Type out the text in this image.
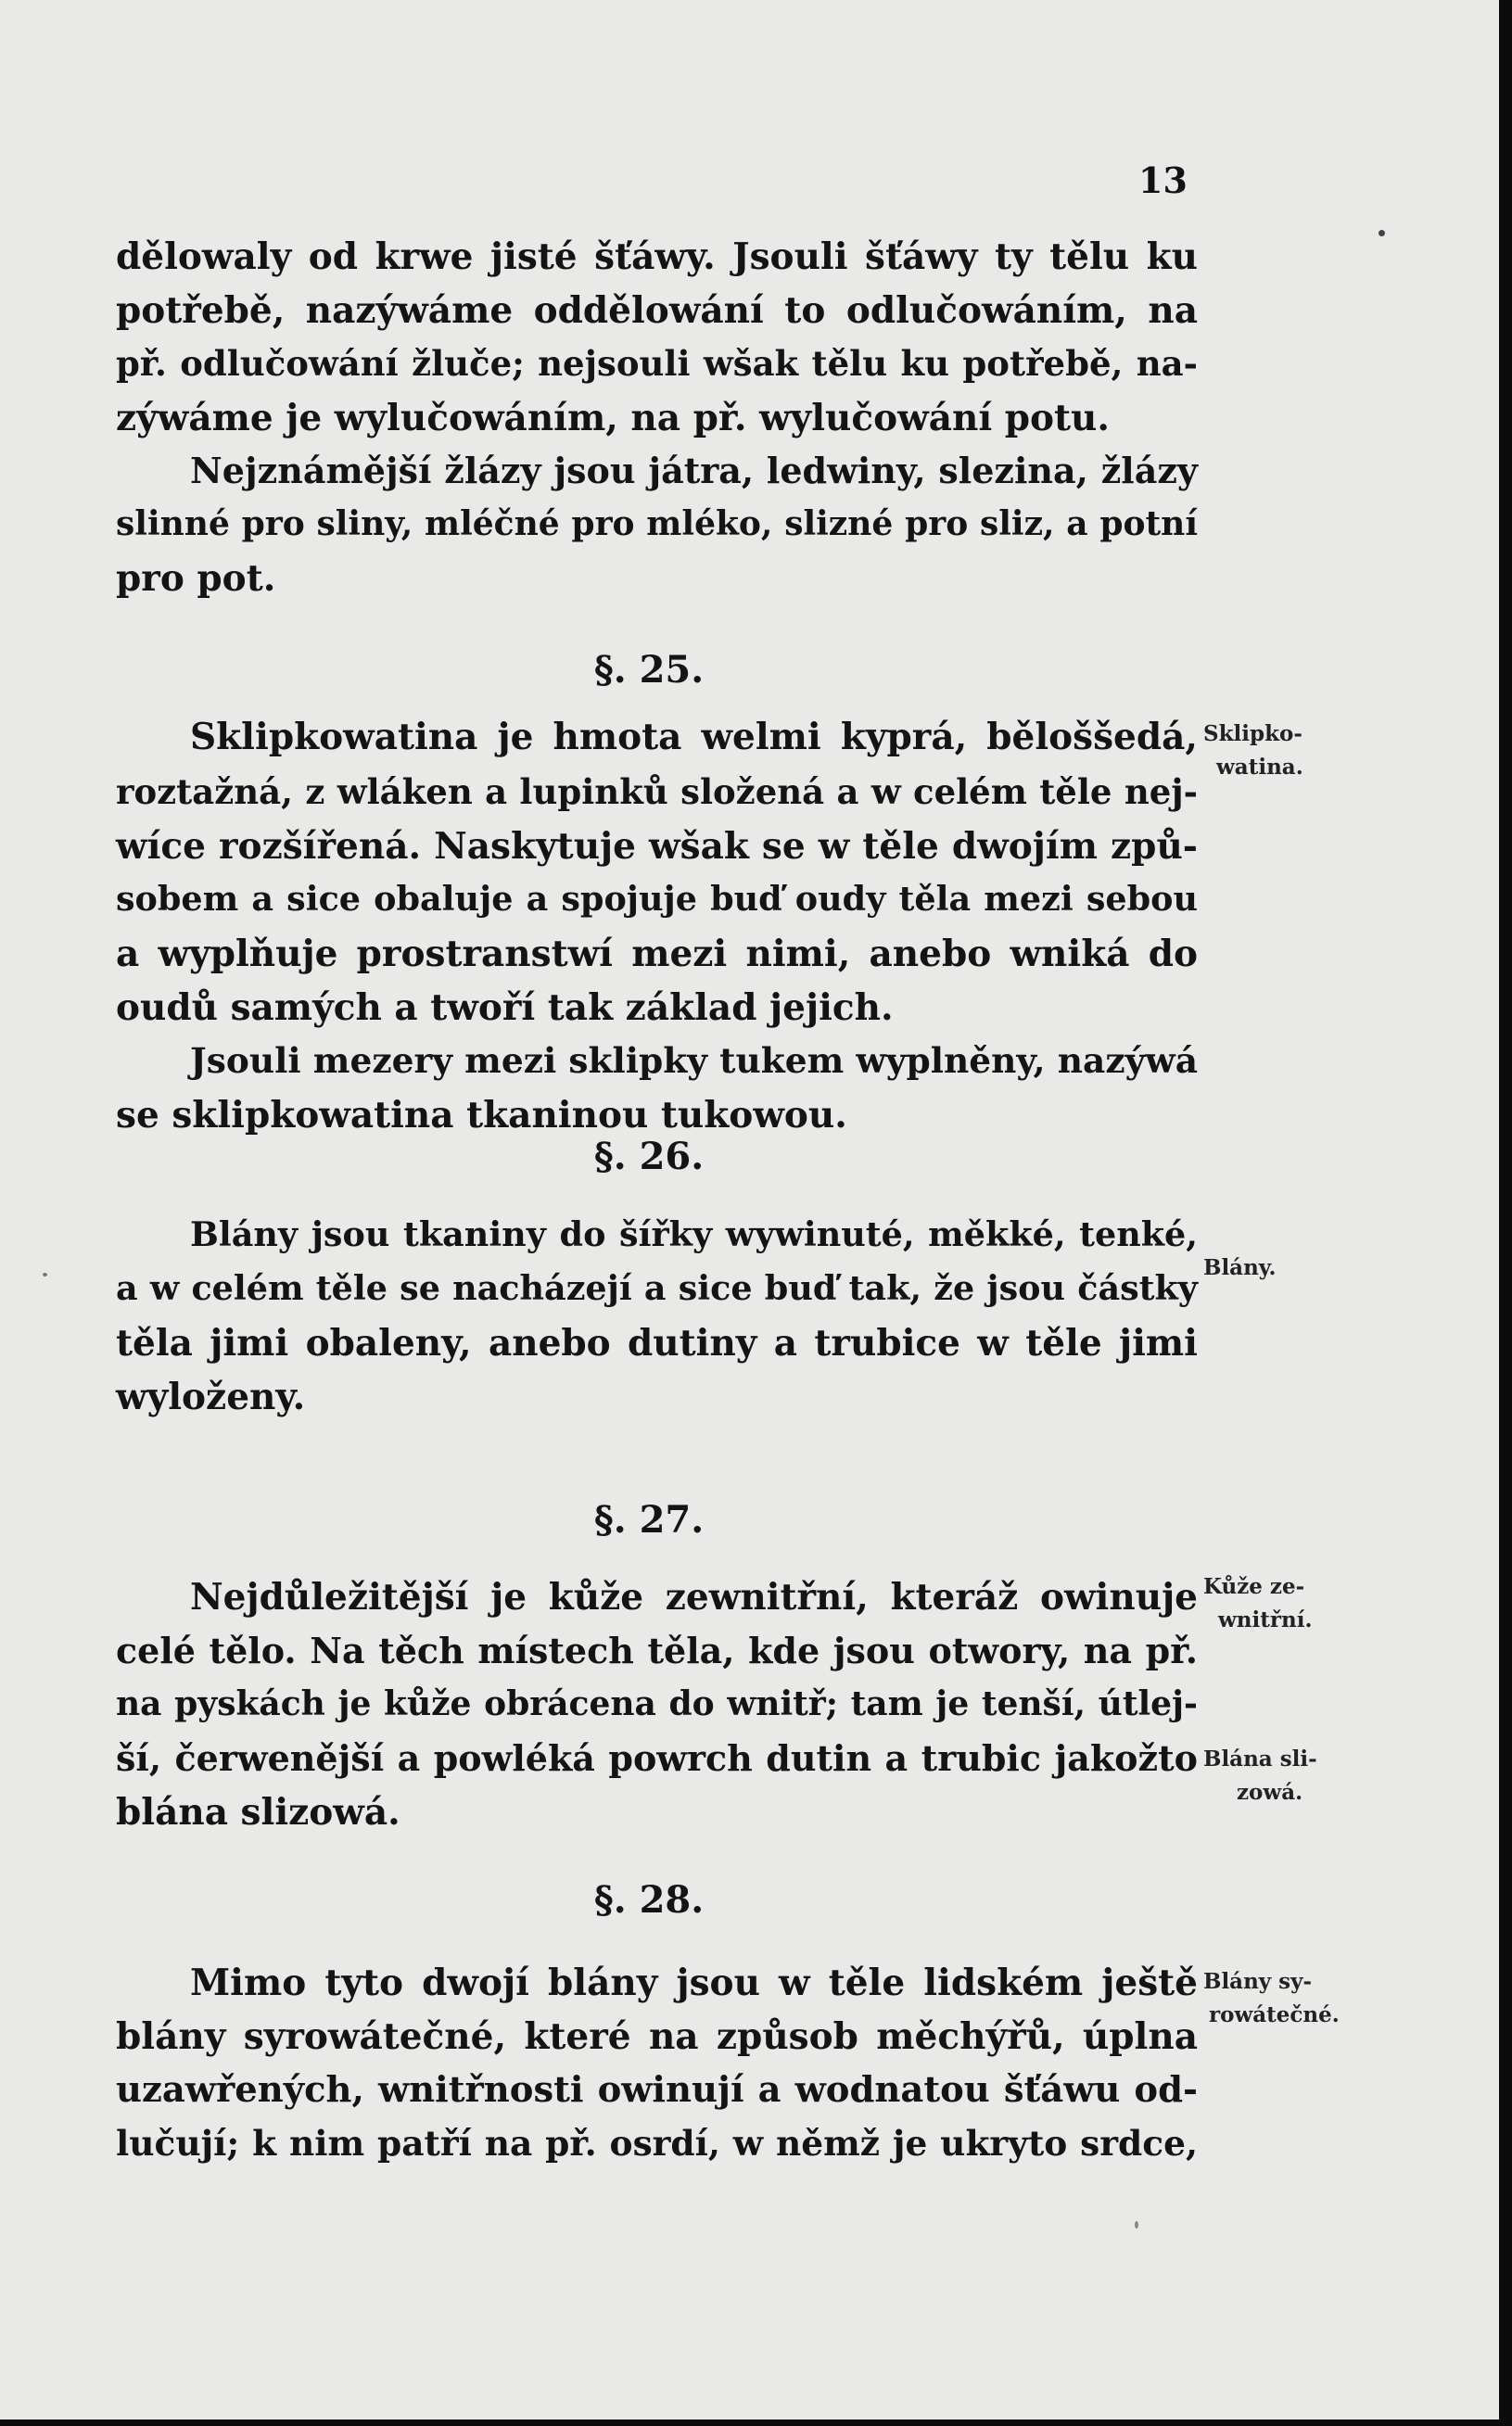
13
dělowaly od krwe jisté šťáwy. Jsouli šťáwy ty tělu ku
potřebě, nazýwáme oddělowání to odlučowáním, na
př. odlučowání žluče; nejsouli wšak tělu ku potřebě, na-
zýwáme je wylučowáním, na př. wylučowání potu.
Nejznámější žlázy jsou játra, ledwiny, slezina, žlázy
slinné pro sliny, mléčné pro mléko, slizné pro sliz, a potní
pro pot.
§. 25.
Sklipkowatina je hmota welmi kyprá, běloššedá,
roztažná, z wláken a lupinků složená a w celém těle nej-
wíce rozšířená. Naskytuje wšak se w těle dwojím způ-
sobem a sice obaluje a spojuje buď oudy těla mezi sebou
a wyplňuje prostranstwí mezi nimi, anebo wniká do
oudů samých a twoří tak základ jejich.
Jsouli mezery mezi sklipky tukem wyplněny, nazýwá
se sklipkowatina tkaninou tukowou.
Sklipko-
watina.
§. 26.
Blány jsou tkaniny do šířky wywinuté, měkké, tenké,
a w celém těle se nacházejí a sice buď tak, že jsou částky
těla jimi obaleny, anebo dutiny a trubice w těle jimi
wyloženy.
Blány.
§. 27.
Nejdůležitější je kůže zewnitřní, kteráž owinuje
celé tělo. Na těch místech těla, kde jsou otwory, na př.
na pyskách je kůže obrácena do wnitř; tam je tenší, útlej-
ší, čerwenější a powléká powrch dutin a trubic jakožto
blána slizowá.
Kůže ze-
wnitřní.
Blána sli-
zowá.
§. 28.
Mimo tyto dwojí blány jsou w těle lidském ještě
blány syrowátečné, které na způsob měchýřů, úplna
uzawřených, wnitřnosti owinují a wodnatou šťáwu od-
lučují; k nim patří na př. osrdí, w němž je ukryto srdce,
Blány sy-
rowátečné.
